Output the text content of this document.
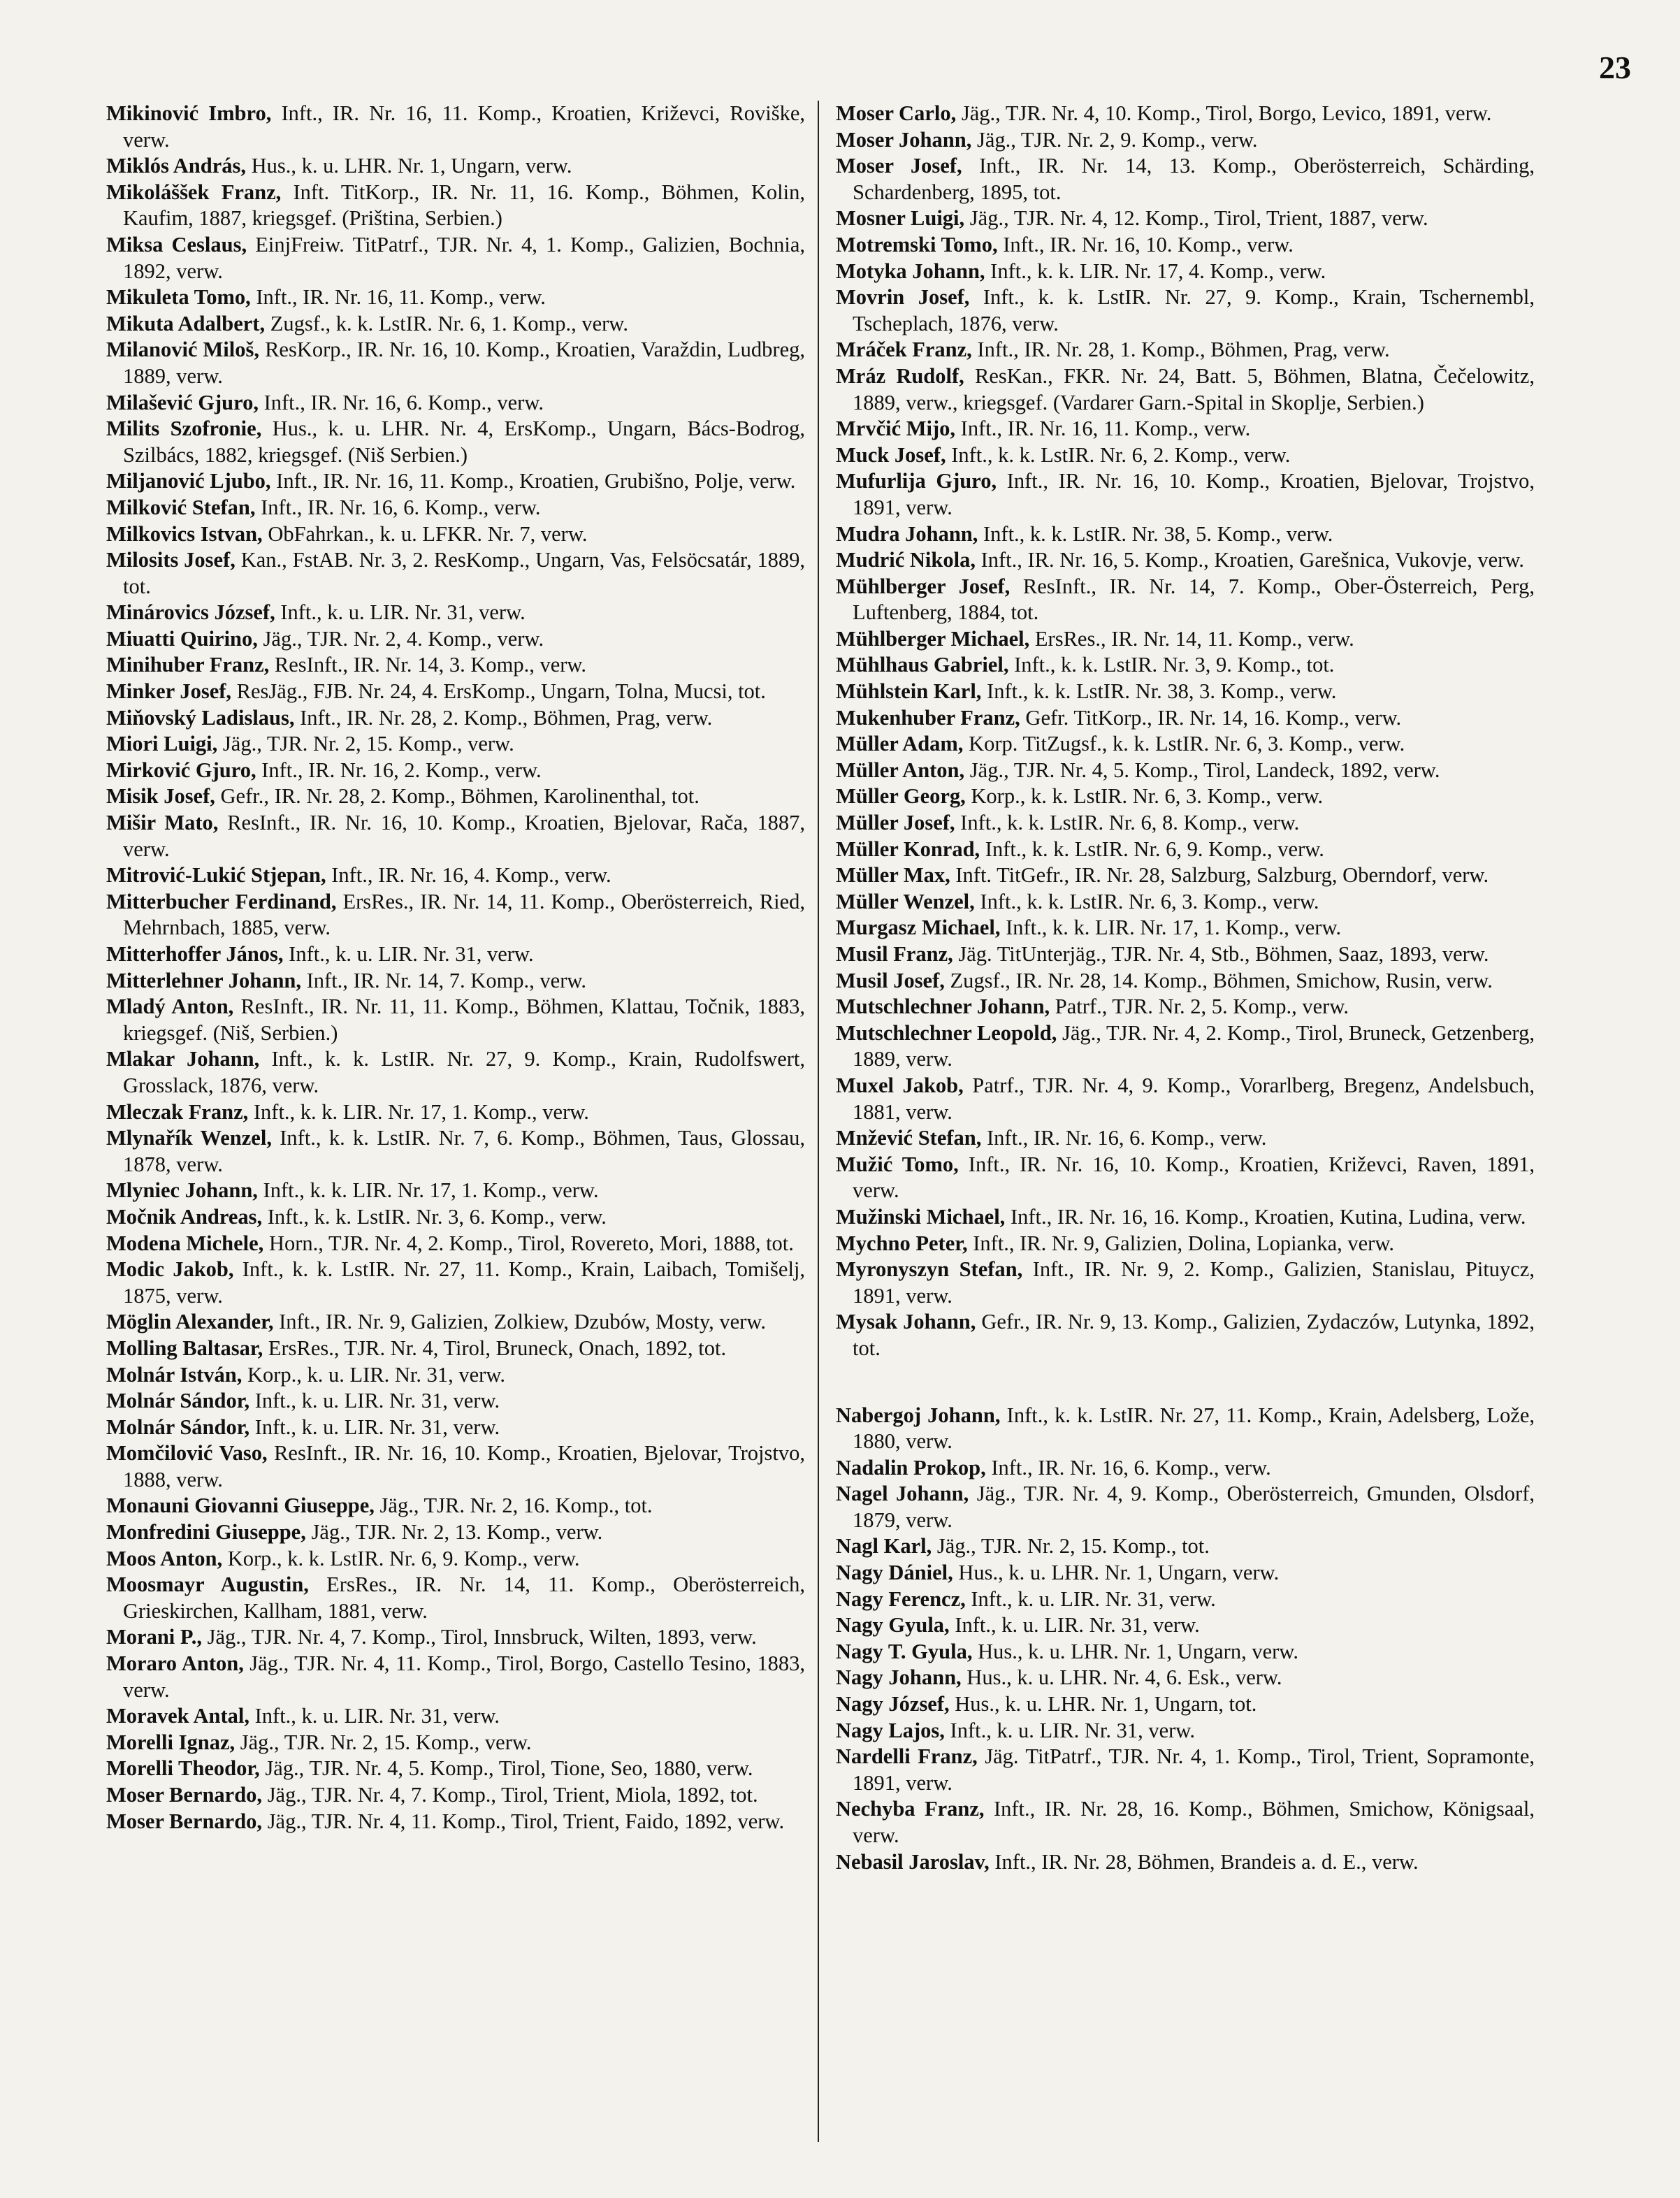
23

Mikinović Imbro, Inft., IR. Nr. 16, 11. Komp., Kroatien, Križevci, Roviške, verw.

Miklós András, Hus., k. u. LHR. Nr. 1, Ungarn, verw.

Mikoláššek Franz, Inft. TitKorp., IR. Nr. 11, 16. Komp., Böhmen, Kolin, Kaufim, 1887, kriegsgef. (Priština, Serbien.)

Miksa Ceslaus, EinjFreiw. TitPatrf., TJR. Nr. 4, 1. Komp., Galizien, Bochnia, 1892, verw.

Mikuleta Tomo, Inft., IR. Nr. 16, 11. Komp., verw.

Mikuta Adalbert, Zugsf., k. k. LstIR. Nr. 6, 1. Komp., verw.

Milanović Miloš, ResKorp., IR. Nr. 16, 10. Komp., Kroatien, Varaždin, Ludbreg, 1889, verw.

Milašević Gjuro, Inft., IR. Nr. 16, 6. Komp., verw.

Milits Szofronie, Hus., k. u. LHR. Nr. 4, ErsKomp., Ungarn, Bács-Bodrog, Szilbács, 1882, kriegsgef. (Niš Serbien.)

Miljanović Ljubo, Inft., IR. Nr. 16, 11. Komp., Kroatien, Grubišno, Polje, verw.

Milković Stefan, Inft., IR. Nr. 16, 6. Komp., verw.

Milkovics Istvan, ObFahrkan., k. u. LFKR. Nr. 7, verw.

Milosits Josef, Kan., FstAB. Nr. 3, 2. ResKomp., Ungarn, Vas, Felsöcsatár, 1889, tot.

Minárovics József, Inft., k. u. LIR. Nr. 31, verw.

Miuatti Quirino, Jäg., TJR. Nr. 2, 4. Komp., verw.

Minihuber Franz, ResInft., IR. Nr. 14, 3. Komp., verw.

Minker Josef, ResJäg., FJB. Nr. 24, 4. ErsKomp., Ungarn, Tolna, Mucsi, tot.

Miňovský Ladislaus, Inft., IR. Nr. 28, 2. Komp., Böhmen, Prag, verw.

Miori Luigi, Jäg., TJR. Nr. 2, 15. Komp., verw.

Mirković Gjuro, Inft., IR. Nr. 16, 2. Komp., verw.

Misik Josef, Gefr., IR. Nr. 28, 2. Komp., Böhmen, Karolinenthal, tot.

Mišir Mato, ResInft., IR. Nr. 16, 10. Komp., Kroatien, Bjelovar, Rača, 1887, verw.

Mitrović-Lukić Stjepan, Inft., IR. Nr. 16, 4. Komp., verw.

Mitterbucher Ferdinand, ErsRes., IR. Nr. 14, 11. Komp., Oberösterreich, Ried, Mehrnbach, 1885, verw.

Mitterhoffer János, Inft., k. u. LIR. Nr. 31, verw.

Mitterlehner Johann, Inft., IR. Nr. 14, 7. Komp., verw.

Mladý Anton, ResInft., IR. Nr. 11, 11. Komp., Böhmen, Klattau, Točnik, 1883, kriegsgef. (Niš, Serbien.)

Mlakar Johann, Inft., k. k. LstIR. Nr. 27, 9. Komp., Krain, Rudolfswert, Grosslack, 1876, verw.

Mleczak Franz, Inft., k. k. LIR. Nr. 17, 1. Komp., verw.

Mlynařík Wenzel, Inft., k. k. LstIR. Nr. 7, 6. Komp., Böhmen, Taus, Glossau, 1878, verw.

Mlyniec Johann, Inft., k. k. LIR. Nr. 17, 1. Komp., verw.

Močnik Andreas, Inft., k. k. LstIR. Nr. 3, 6. Komp., verw.

Modena Michele, Horn., TJR. Nr. 4, 2. Komp., Tirol, Rovereto, Mori, 1888, tot.

Modic Jakob, Inft., k. k. LstIR. Nr. 27, 11. Komp., Krain, Laibach, Tomišelj, 1875, verw.

Möglin Alexander, Inft., IR. Nr. 9, Galizien, Zolkiew, Dzubów, Mosty, verw.

Molling Baltasar, ErsRes., TJR. Nr. 4, Tirol, Bruneck, Onach, 1892, tot.

Molnár István, Korp., k. u. LIR. Nr. 31, verw.

Molnár Sándor, Inft., k. u. LIR. Nr. 31, verw.

Molnár Sándor, Inft., k. u. LIR. Nr. 31, verw.

Momčilović Vaso, ResInft., IR. Nr. 16, 10. Komp., Kroatien, Bjelovar, Trojstvo, 1888, verw.

Monauni Giovanni Giuseppe, Jäg., TJR. Nr. 2, 16. Komp., tot.

Monfredini Giuseppe, Jäg., TJR. Nr. 2, 13. Komp., verw.

Moos Anton, Korp., k. k. LstIR. Nr. 6, 9. Komp., verw.

Moosmayr Augustin, ErsRes., IR. Nr. 14, 11. Komp., Oberösterreich, Grieskirchen, Kallham, 1881, verw.

Morani P., Jäg., TJR. Nr. 4, 7. Komp., Tirol, Innsbruck, Wilten, 1893, verw.

Moraro Anton, Jäg., TJR. Nr. 4, 11. Komp., Tirol, Borgo, Castello Tesino, 1883, verw.

Moravek Antal, Inft., k. u. LIR. Nr. 31, verw.

Morelli Ignaz, Jäg., TJR. Nr. 2, 15. Komp., verw.

Morelli Theodor, Jäg., TJR. Nr. 4, 5. Komp., Tirol, Tione, Seo, 1880, verw.

Moser Bernardo, Jäg., TJR. Nr. 4, 7. Komp., Tirol, Trient, Miola, 1892, tot.

Moser Bernardo, Jäg., TJR. Nr. 4, 11. Komp., Tirol, Trient, Faido, 1892, verw.

Moser Carlo, Jäg., TJR. Nr. 4, 10. Komp., Tirol, Borgo, Levico, 1891, verw.

Moser Johann, Jäg., TJR. Nr. 2, 9. Komp., verw.

Moser Josef, Inft., IR. Nr. 14, 13. Komp., Oberösterreich, Schärding, Schardenberg, 1895, tot.

Mosner Luigi, Jäg., TJR. Nr. 4, 12. Komp., Tirol, Trient, 1887, verw.

Motremski Tomo, Inft., IR. Nr. 16, 10. Komp., verw.

Motyka Johann, Inft., k. k. LIR. Nr. 17, 4. Komp., verw.

Movrin Josef, Inft., k. k. LstIR. Nr. 27, 9. Komp., Krain, Tschernembl, Tscheplach, 1876, verw.

Mráček Franz, Inft., IR. Nr. 28, 1. Komp., Böhmen, Prag, verw.

Mráz Rudolf, ResKan., FKR. Nr. 24, Batt. 5, Böhmen, Blatna, Čečelowitz, 1889, verw., kriegsgef. (Vardarer Garn.-Spital in Skoplje, Serbien.)

Mrvčić Mijo, Inft., IR. Nr. 16, 11. Komp., verw.

Muck Josef, Inft., k. k. LstIR. Nr. 6, 2. Komp., verw.

Mufurlija Gjuro, Inft., IR. Nr. 16, 10. Komp., Kroatien, Bjelovar, Trojstvo, 1891, verw.

Mudra Johann, Inft., k. k. LstIR. Nr. 38, 5. Komp., verw.

Mudrić Nikola, Inft., IR. Nr. 16, 5. Komp., Kroatien, Garešnica, Vukovje, verw.

Mühlberger Josef, ResInft., IR. Nr. 14, 7. Komp., Ober-Österreich, Perg, Luftenberg, 1884, tot.

Mühlberger Michael, ErsRes., IR. Nr. 14, 11. Komp., verw.

Mühlhaus Gabriel, Inft., k. k. LstIR. Nr. 3, 9. Komp., tot.

Mühlstein Karl, Inft., k. k. LstIR. Nr. 38, 3. Komp., verw.

Mukenhuber Franz, Gefr. TitKorp., IR. Nr. 14, 16. Komp., verw.

Müller Adam, Korp. TitZugsf., k. k. LstIR. Nr. 6, 3. Komp., verw.

Müller Anton, Jäg., TJR. Nr. 4, 5. Komp., Tirol, Landeck, 1892, verw.

Müller Georg, Korp., k. k. LstIR. Nr. 6, 3. Komp., verw.

Müller Josef, Inft., k. k. LstIR. Nr. 6, 8. Komp., verw.

Müller Konrad, Inft., k. k. LstIR. Nr. 6, 9. Komp., verw.

Müller Max, Inft. TitGefr., IR. Nr. 28, Salzburg, Salzburg, Oberndorf, verw.

Müller Wenzel, Inft., k. k. LstIR. Nr. 6, 3. Komp., verw.

Murgasz Michael, Inft., k. k. LIR. Nr. 17, 1. Komp., verw.

Musil Franz, Jäg. TitUnterjäg., TJR. Nr. 4, Stb., Böhmen, Saaz, 1893, verw.

Musil Josef, Zugsf., IR. Nr. 28, 14. Komp., Böhmen, Smichow, Rusin, verw.

Mutschlechner Johann, Patrf., TJR. Nr. 2, 5. Komp., verw.

Mutschlechner Leopold, Jäg., TJR. Nr. 4, 2. Komp., Tirol, Bruneck, Getzenberg, 1889, verw.

Muxel Jakob, Patrf., TJR. Nr. 4, 9. Komp., Vorarlberg, Bregenz, Andelsbuch, 1881, verw.

Mnžević Stefan, Inft., IR. Nr. 16, 6. Komp., verw.

Mužić Tomo, Inft., IR. Nr. 16, 10. Komp., Kroatien, Križevci, Raven, 1891, verw.

Mužinski Michael, Inft., IR. Nr. 16, 16. Komp., Kroatien, Kutina, Ludina, verw.

Mychno Peter, Inft., IR. Nr. 9, Galizien, Dolina, Lopianka, verw.

Myronyszyn Stefan, Inft., IR. Nr. 9, 2. Komp., Galizien, Stanislau, Pituycz, 1891, verw.

Mysak Johann, Gefr., IR. Nr. 9, 13. Komp., Galizien, Zydaczów, Lutynka, 1892, tot.

Nabergoj Johann, Inft., k. k. LstIR. Nr. 27, 11. Komp., Krain, Adelsberg, Lože, 1880, verw.

Nadalin Prokop, Inft., IR. Nr. 16, 6. Komp., verw.

Nagel Johann, Jäg., TJR. Nr. 4, 9. Komp., Oberösterreich, Gmunden, Olsdorf, 1879, verw.

Nagl Karl, Jäg., TJR. Nr. 2, 15. Komp., tot.

Nagy Dániel, Hus., k. u. LHR. Nr. 1, Ungarn, verw.

Nagy Ferencz, Inft., k. u. LIR. Nr. 31, verw.

Nagy Gyula, Inft., k. u. LIR. Nr. 31, verw.

Nagy T. Gyula, Hus., k. u. LHR. Nr. 1, Ungarn, verw.

Nagy Johann, Hus., k. u. LHR. Nr. 4, 6. Esk., verw.

Nagy József, Hus., k. u. LHR. Nr. 1, Ungarn, tot.

Nagy Lajos, Inft., k. u. LIR. Nr. 31, verw.

Nardelli Franz, Jäg. TitPatrf., TJR. Nr. 4, 1. Komp., Tirol, Trient, Sopramonte, 1891, verw.

Nechyba Franz, Inft., IR. Nr. 28, 16. Komp., Böhmen, Smichow, Königsaal, verw.

Nebasil Jaroslav, Inft., IR. Nr. 28, Böhmen, Brandeis a. d. E., verw.
